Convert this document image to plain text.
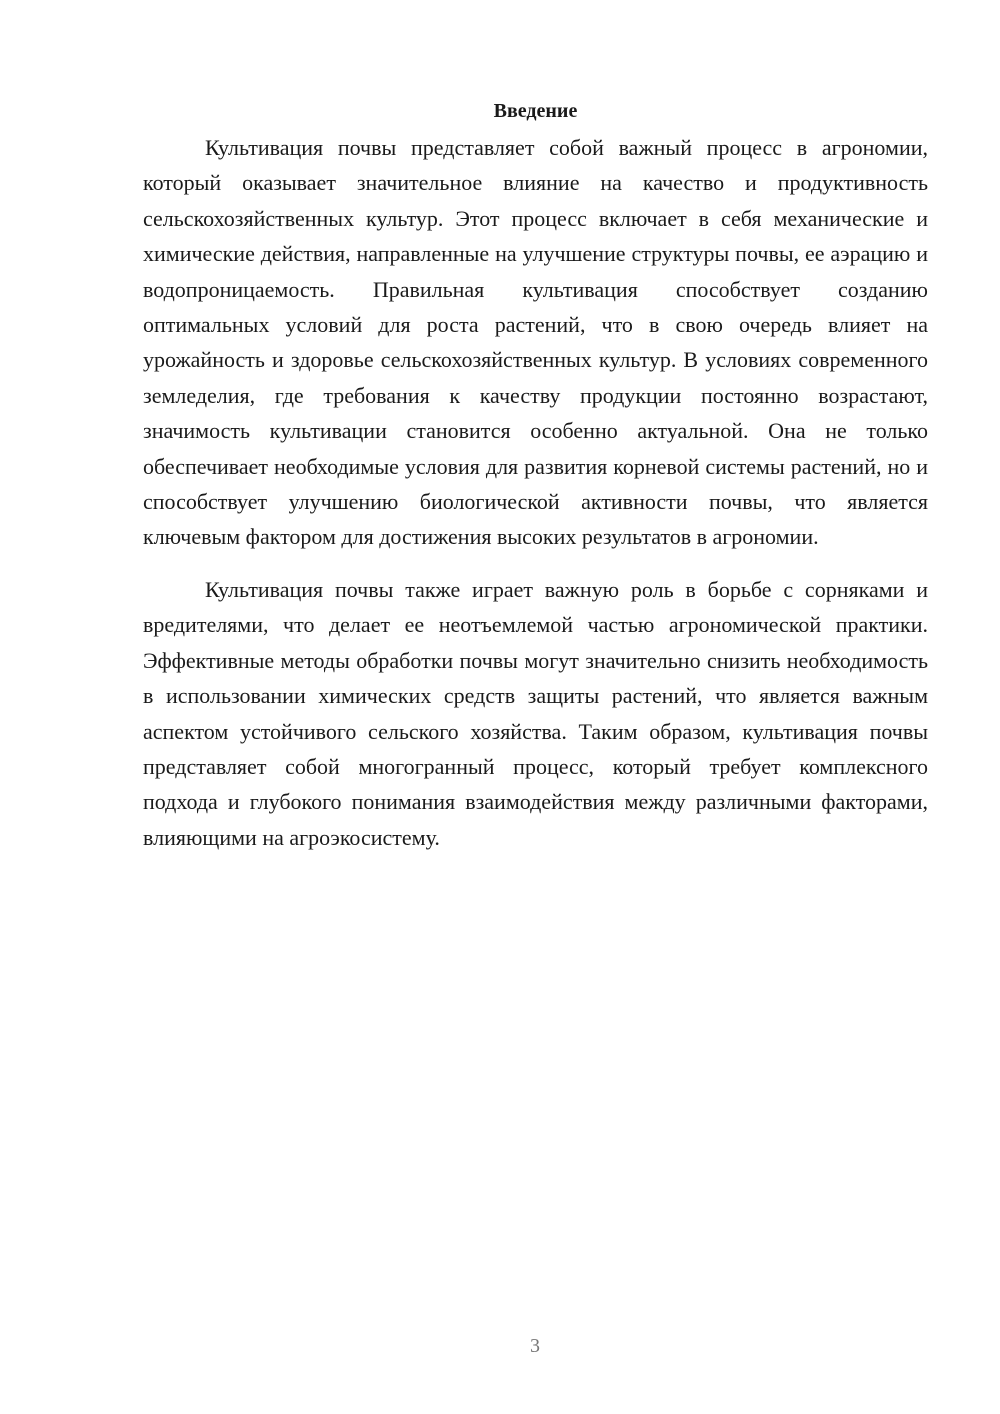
Введение

Культивация почвы представляет собой важный процесс в агрономии, который оказывает значительное влияние на качество и продуктивность сельскохозяйственных культур. Этот процесс включает в себя механические и химические действия, направленные на улучшение структуры почвы, ее аэрацию и водопроницаемость. Правильная культивация способствует созданию оптимальных условий для роста растений, что в свою очередь влияет на урожайность и здоровье сельскохозяйственных культур. В условиях современного земледелия, где требования к качеству продукции постоянно возрастают, значимость культивации становится особенно актуальной. Она не только обеспечивает необходимые условия для развития корневой системы растений, но и способствует улучшению биологической активности почвы, что является ключевым фактором для достижения высоких результатов в агрономии.

Культивация почвы также играет важную роль в борьбе с сорняками и вредителями, что делает ее неотъемлемой частью агрономической практики. Эффективные методы обработки почвы могут значительно снизить необходимость в использовании химических средств защиты растений, что является важным аспектом устойчивого сельского хозяйства. Таким образом, культивация почвы представляет собой многогранный процесс, который требует комплексного подхода и глубокого понимания взаимодействия между различными факторами, влияющими на агроэкосистему.

3
